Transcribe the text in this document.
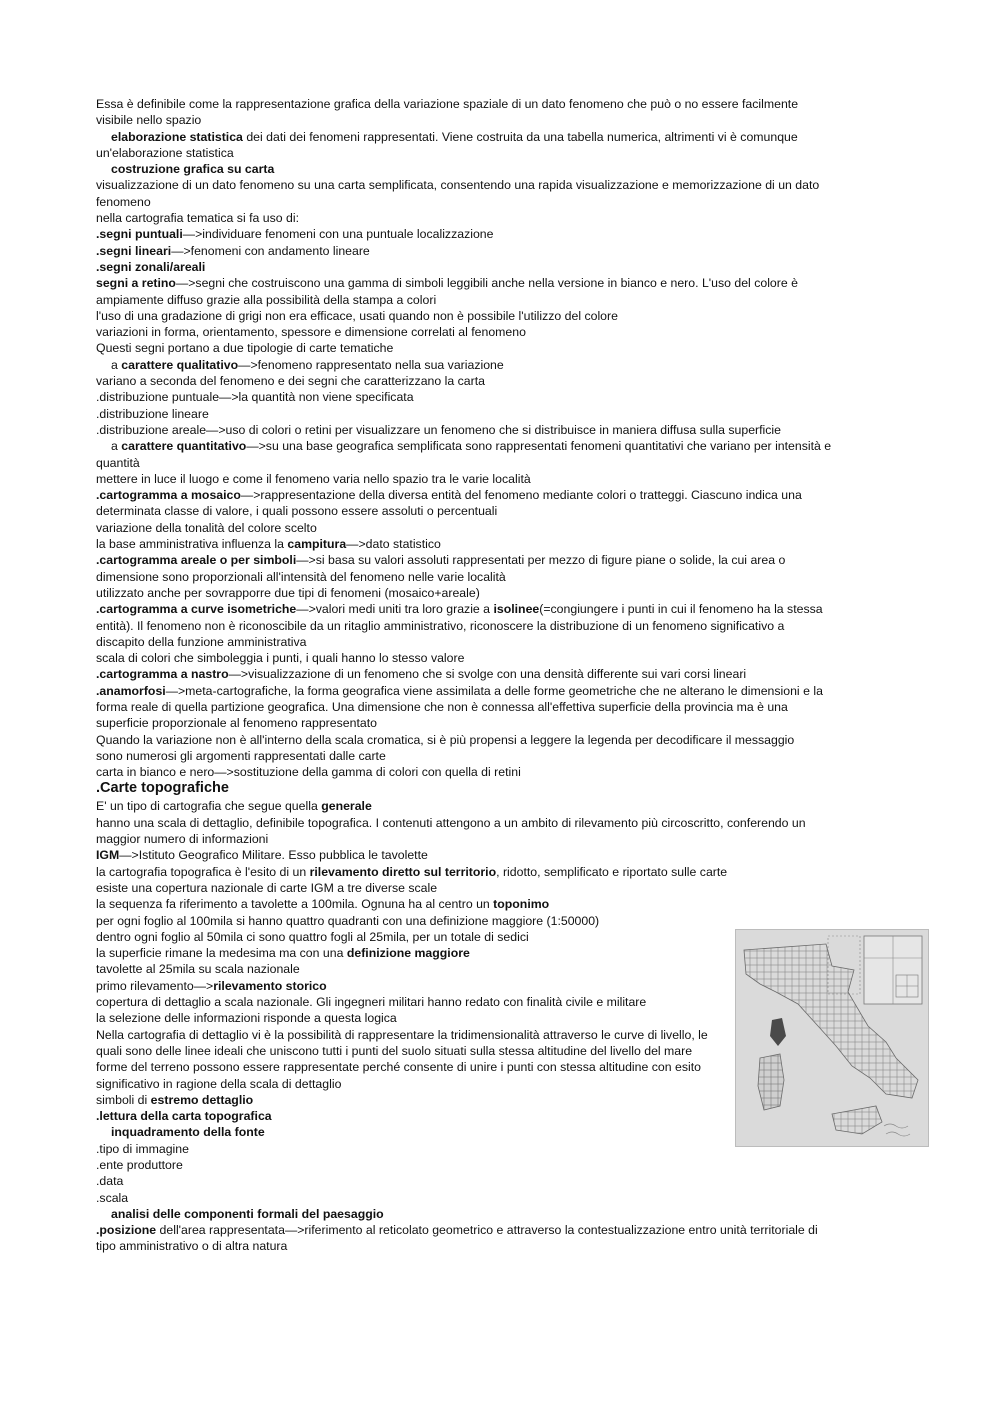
Essa è definibile come la rappresentazione grafica della variazione spaziale di un dato fenomeno che può o no essere facilmente
visibile nello spazio
elaborazione statistica dei dati dei fenomeni rappresentati. Viene costruita da una tabella numerica, altrimenti vi è comunque
un'elaborazione statistica
costruzione grafica su carta
visualizzazione di un dato fenomeno su una carta semplificata, consentendo una rapida visualizzazione e memorizzazione di un dato
fenomeno
nella cartografia tematica si fa uso di:
.segni puntuali—>individuare fenomeni con una puntuale localizzazione
.segni lineari—>fenomeni con andamento lineare
.segni zonali/areali
segni a retino—>segni che costruiscono una gamma di simboli leggibili anche nella versione in bianco e nero. L'uso del colore è
ampiamente diffuso grazie alla possibilità della stampa a colori
l'uso di una gradazione di grigi non era efficace, usati quando non è possibile l'utilizzo del colore
variazioni in forma, orientamento, spessore e dimensione correlati al fenomeno
Questi segni portano a due tipologie di carte tematiche
a carattere qualitativo—>fenomeno rappresentato nella sua variazione
variano a seconda del fenomeno e dei segni che caratterizzano la carta
.distribuzione puntuale—>la quantità non viene specificata
.distribuzione lineare
.distribuzione areale—>uso di colori o retini per visualizzare un fenomeno che si distribuisce in maniera diffusa sulla superficie
a carattere quantitativo—>su una base geografica semplificata sono rappresentati fenomeni quantitativi che variano per intensità e
quantità
mettere in luce il luogo e come il fenomeno varia nello spazio tra le varie località
.cartogramma a mosaico—>rappresentazione della diversa entità del fenomeno mediante colori o tratteggi. Ciascuno indica una
determinata classe di valore, i quali possono essere assoluti o percentuali
variazione della tonalità del colore scelto
la base amministrativa influenza la campitura—>dato statistico
.cartogramma areale o per simboli—>si basa su valori assoluti rappresentati per mezzo di figure piane o solide, la cui area o
dimensione sono proporzionali all'intensità del fenomeno nelle varie località
utilizzato anche per sovrapporre due tipi di fenomeni (mosaico+areale)
.cartogramma a curve isometriche—>valori medi uniti tra loro grazie a isolinee(=congiungere i punti in cui il fenomeno ha la stessa
entità). Il fenomeno non è riconoscibile da un ritaglio amministrativo, riconoscere la distribuzione di un fenomeno significativo a
discapito della funzione amministrativa
scala di colori che simboleggia i punti, i quali hanno lo stesso valore
.cartogramma a nastro—>visualizzazione di un fenomeno che si svolge con una densità differente sui vari corsi lineari
.anamorfosi—>meta-cartografiche, la forma geografica viene assimilata a delle forme geometriche che ne alterano le dimensioni e la
forma reale di quella partizione geografica. Una dimensione che non è connessa all'effettiva superficie della provincia ma è una
superficie proporzionale al fenomeno rappresentato
Quando la variazione non è all'interno della scala cromatica, si è più propensi a leggere la legenda per decodificare il messaggio
sono numerosi gli argomenti rappresentati dalle carte
carta in bianco e nero—>sostituzione della gamma di colori con quella di retini
.Carte topografiche
E' un tipo di cartografia che segue quella generale
hanno una scala di dettaglio, definibile topografica. I contenuti attengono a un ambito di rilevamento più circoscritto, conferendo un
maggior numero di informazioni
IGM—>Istituto Geografico Militare. Esso pubblica le tavolette
la cartografia topografica è l'esito di un rilevamento diretto sul territorio, ridotto, semplificato e riportato sulle carte
esiste una copertura nazionale di carte IGM a tre diverse scale
la sequenza fa riferimento a tavolette a 100mila. Ognuna ha al centro un toponimo
per ogni foglio al 100mila si hanno quattro quadranti con una definizione maggiore (1:50000)
dentro ogni foglio al 50mila ci sono quattro fogli al 25mila, per un totale di sedici
la superficie rimane la medesima ma con una definizione maggiore
tavolette al 25mila su scala nazionale
primo rilevamento—>rilevamento storico
copertura di dettaglio a scala nazionale. Gli ingegneri militari hanno redato con finalità civile e militare
la selezione delle informazioni risponde a questa logica
Nella cartografia di dettaglio vi è la possibilità di rappresentare la tridimensionalità attraverso le curve di livello, le quali sono delle linee ideali che uniscono tutti i punti del suolo situati sulla stessa altitudine del livello del mare
forme del terreno possono essere rappresentate perché consente di unire i punti con stessa altitudine con esito significativo in ragione della scala di dettaglio
simboli di estremo dettaglio
.lettura della carta topografica
inquadramento della fonte
.tipo di immagine
.ente produttore
.data
.scala
analisi delle componenti formali del paesaggio
.posizione dell'area rappresentata—>riferimento al reticolato geometrico e attraverso la contestualizzazione entro unità territoriale di
tipo amministrativo o di altra natura
